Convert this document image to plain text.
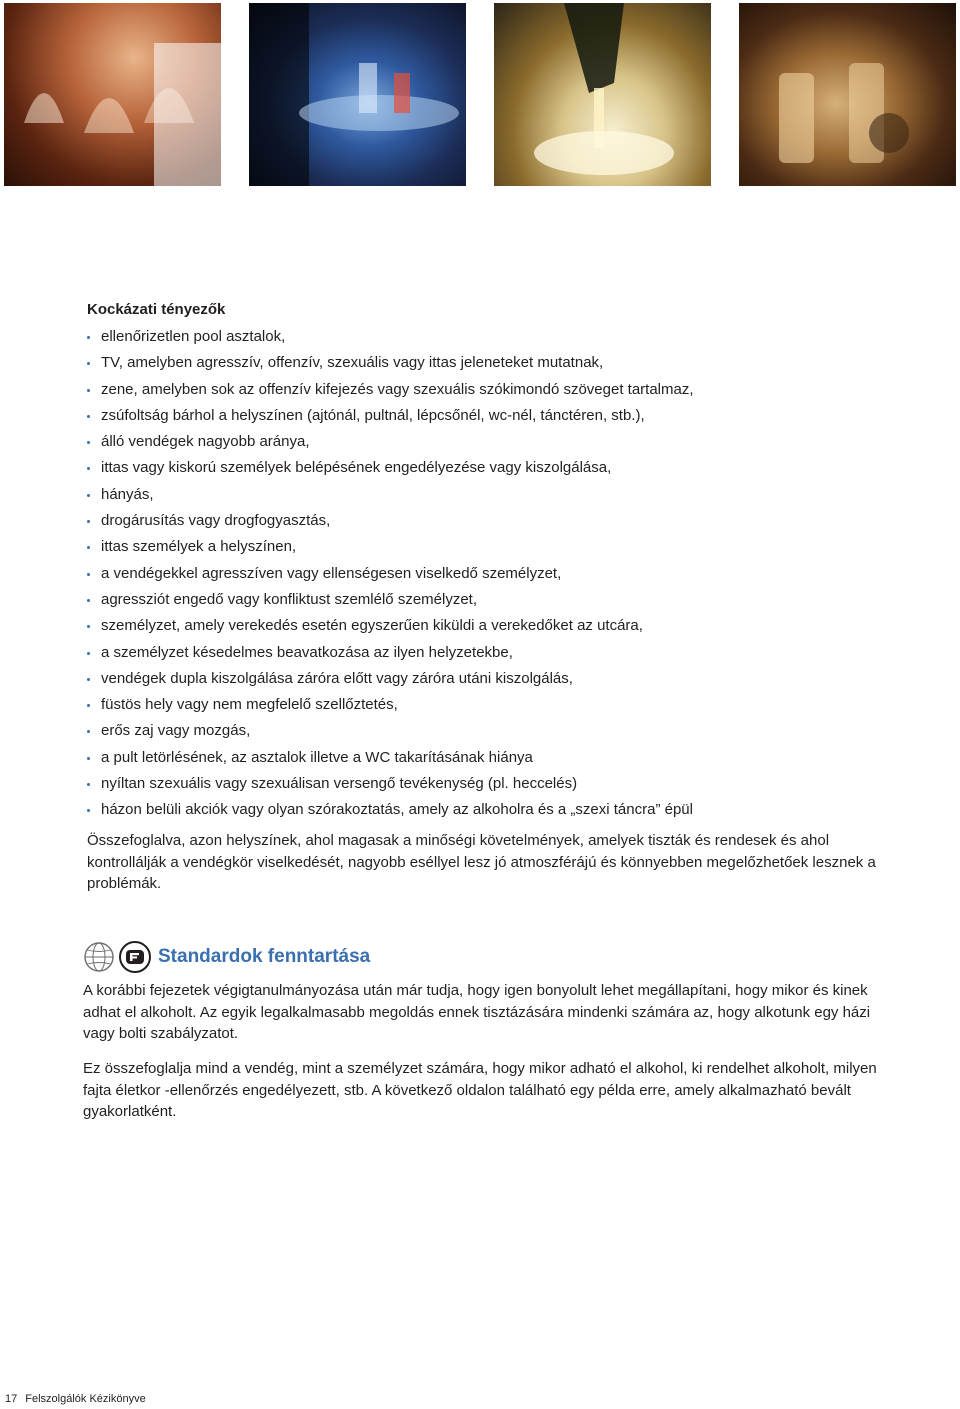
Kockázati tényezők
ellenőrizetlen pool asztalok,
TV, amelyben agresszív, offenzív, szexuális vagy ittas jeleneteket mutatnak,
zene, amelyben sok az offenzív kifejezés vagy szexuális szókimondó szöveget tartalmaz,
zsúfoltság bárhol a helyszínen (ajtónál, pultnál, lépcsőnél, wc-nél, tánctéren, stb.),
álló vendégek nagyobb aránya,
ittas vagy kiskorú személyek belépésének engedélyezése vagy kiszolgálása,
hányás,
drogárusítás vagy drogfogyasztás,
ittas személyek a helyszínen,
a vendégekkel agresszíven vagy ellenségesen viselkedő személyzet,
agressziót engedő vagy konfliktust szemlélő személyzet,
személyzet, amely verekedés esetén egyszerűen kiküldi a verekedőket az utcára,
a személyzet késedelmes beavatkozása az ilyen helyzetekbe,
vendégek dupla kiszolgálása záróra előtt vagy záróra utáni kiszolgálás,
füstös hely vagy nem megfelelő szellőztetés,
erős zaj vagy mozgás,
a pult letörlésének, az asztalok illetve a WC takarításának hiánya
nyíltan szexuális vagy szexuálisan versengő tevékenység (pl. heccelés)
házon belüli akciók vagy olyan szórakoztatás, amely az alkoholra és a „szexi táncra” épül

Összefoglalva, azon helyszínek, ahol magasak a minőségi követelmények, amelyek tiszták és rendesek és ahol kontrollálják a vendégkör viselkedését, nagyobb eséllyel lesz jó atmoszférájú és könnyebben megelőzhetőek lesznek a problémák.

Standardok fenntartása

A korábbi fejezetek végigtanulmányozása után már tudja, hogy igen bonyolult lehet megállapítani, hogy mikor és kinek adhat el alkoholt. Az egyik legalkalmasabb megoldás ennek tisztázására mindenki számára az, hogy alkotunk egy házi vagy bolti szabályzatot.

Ez összefoglalja mind a vendég, mint a személyzet számára, hogy mikor adható el alkohol, ki rendelhet alkoholt, milyen fajta életkor -ellenőrzés engedélyezett, stb. A következő oldalon található egy példa erre, amely alkalmazható bevált gyakorlatként.

17 Felszolgálók Kézikönyve
